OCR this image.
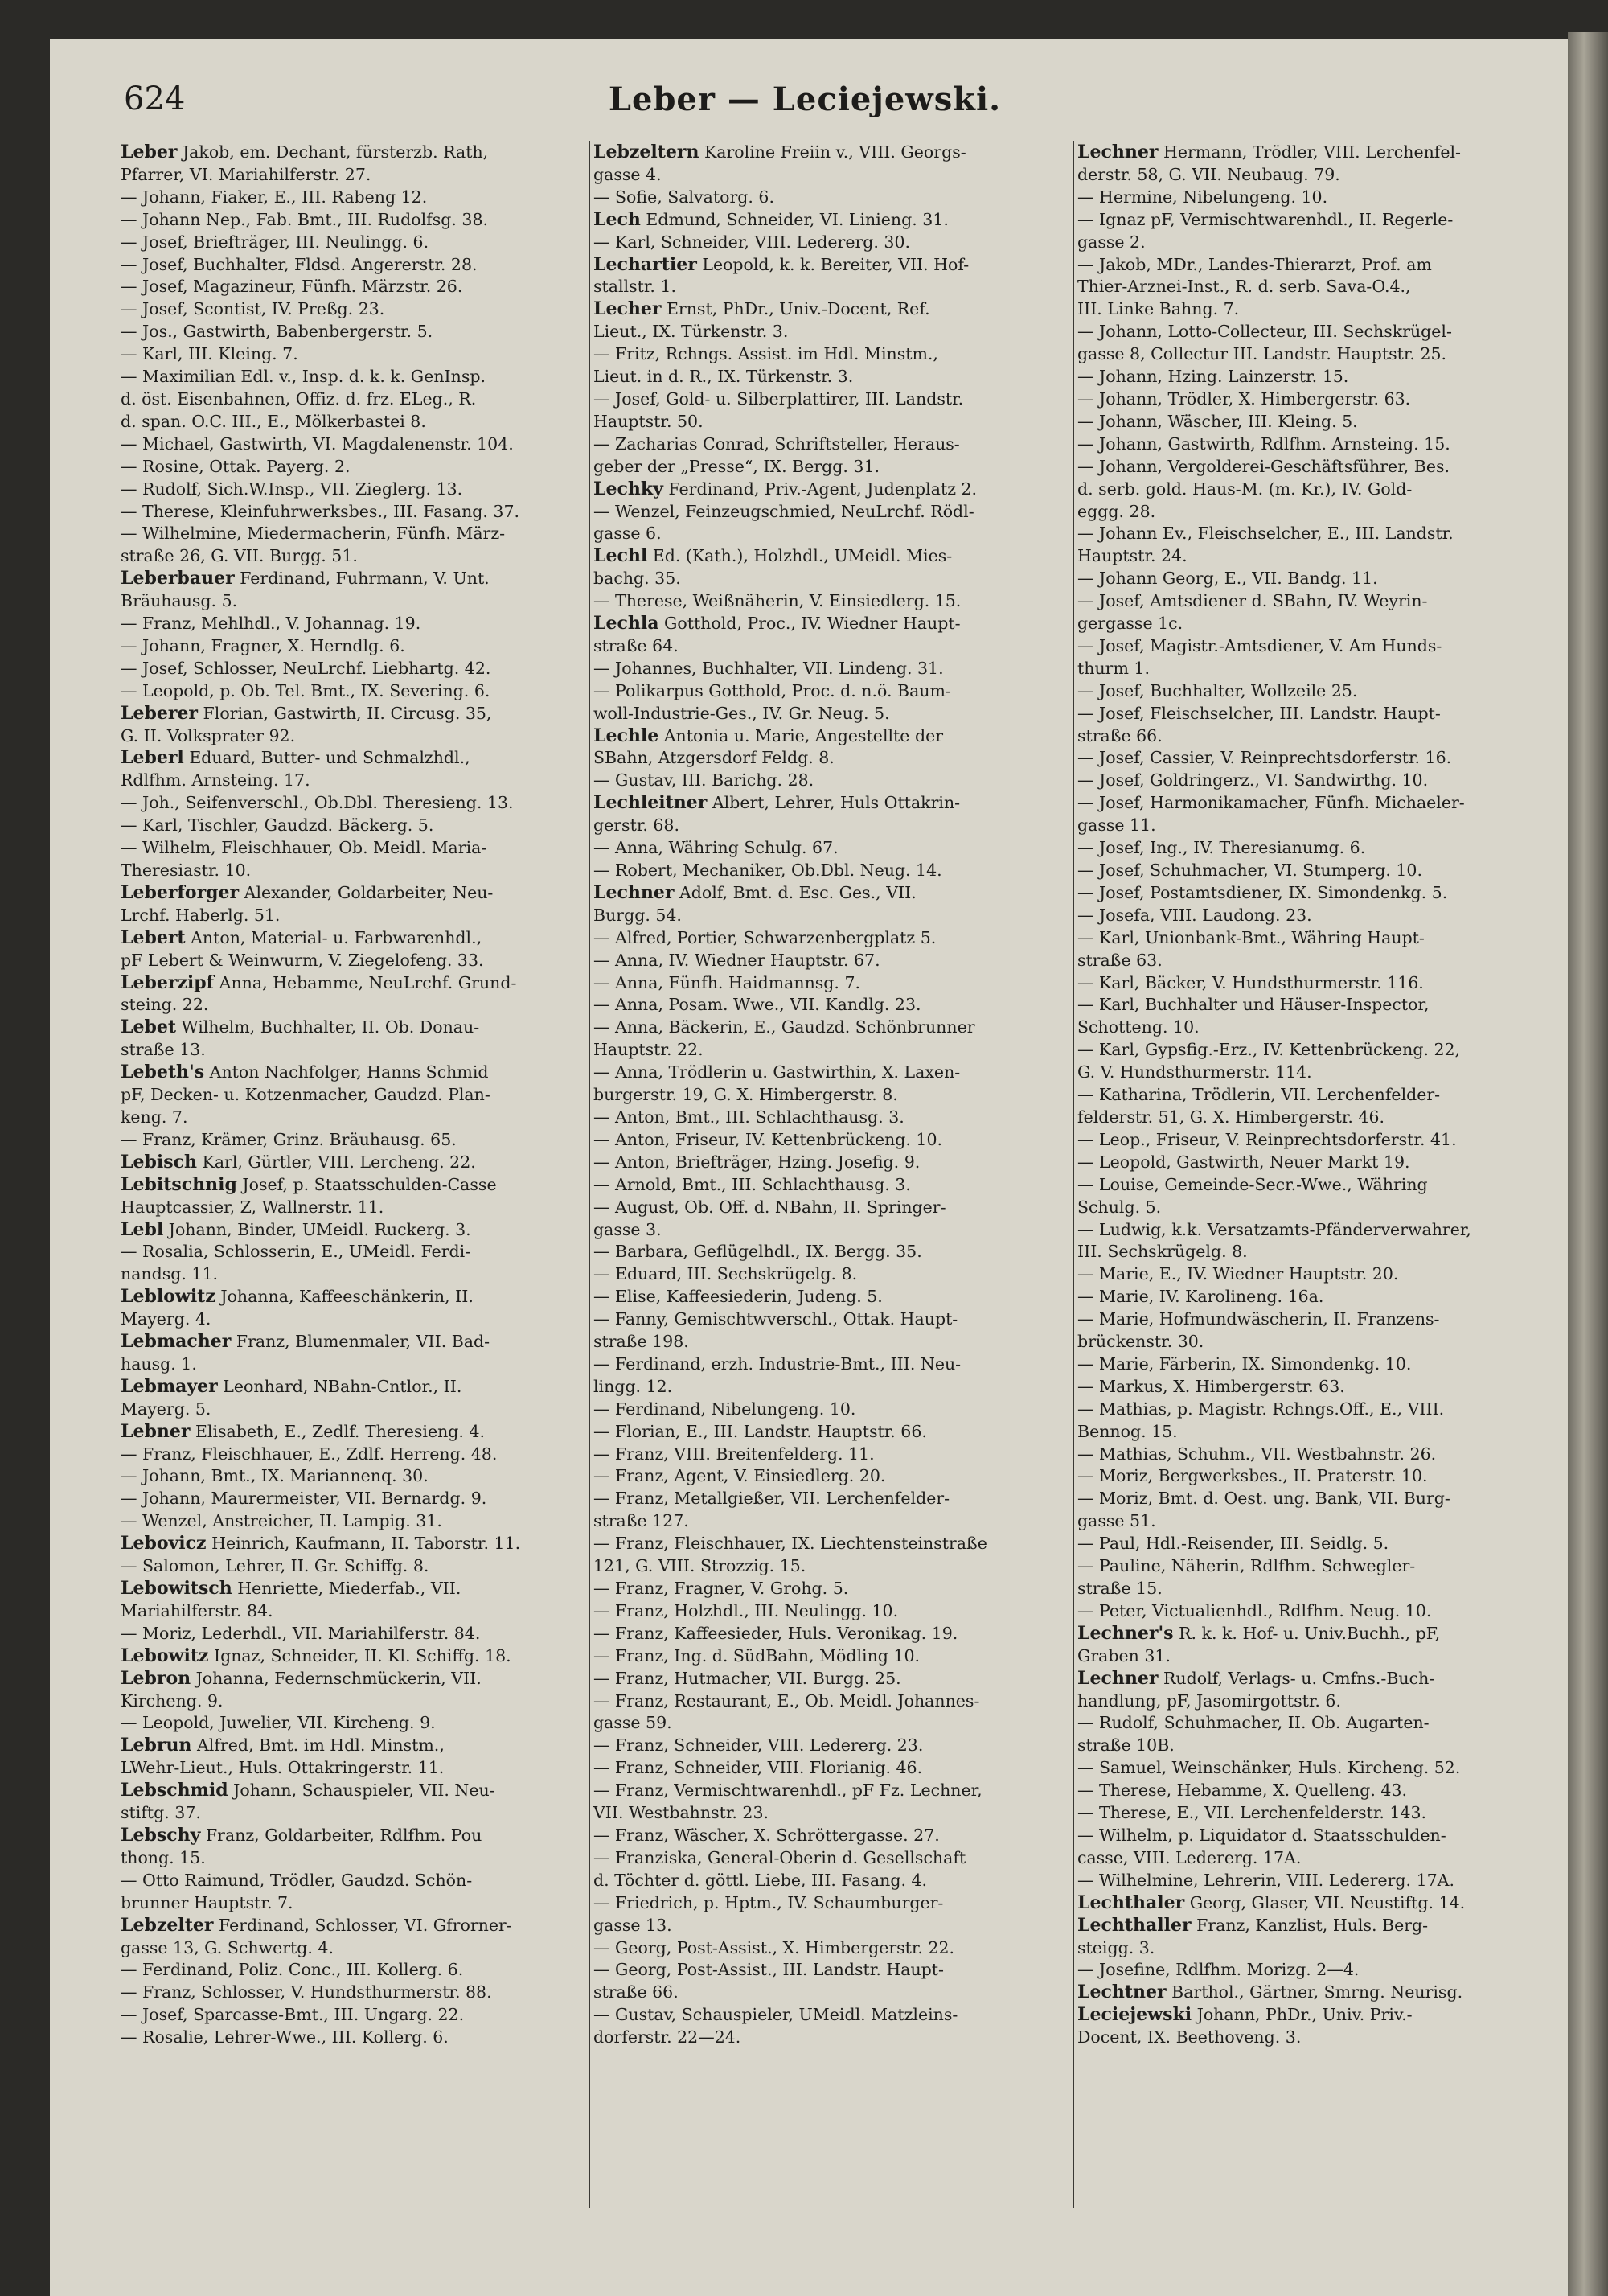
624	Leber — Leciejewski.
Leber Jakob, em. Dechant, fürsterzb. Rath,
Pfarrer, VI. Mariahilferstr. 27.
— Johann, Fiaker, E., III. Rabeng 12.
— Johann Nep., Fab. Bmt., III. Rudolfsg. 38.
— Josef, Briefträger, III. Neulingg. 6.
— Josef, Buchhalter, Fldsd. Angererstr. 28.
— Josef, Magazineur, Fünfh. Märzstr. 26.
— Josef, Scontist, IV. Preßg. 23.
— Jos., Gastwirth, Babenbergerstr. 5.
— Karl, III. Kleing. 7.
— Maximilian Edl. v., Insp. d. k. k. GenInsp.
d. öst. Eisenbahnen, Offiz. d. frz. ELeg., R.
d. span. O.C. III., E., Mölkerbastei 8.
— Michael, Gastwirth, VI. Magdalenenstr. 104.
— Rosine, Ottak. Payerg. 2.
— Rudolf, Sich.W.Insp., VII. Zieglerg. 13.
— Therese, Kleinfuhrwerksbes., III. Fasang. 37.
— Wilhelmine, Miedermacherin, Fünfh. März-
straße 26, G. VII. Burgg. 51.
Leberbauer Ferdinand, Fuhrmann, V. Unt.
Bräuhausg. 5.
— Franz, Mehlhdl., V. Johannag. 19.
— Johann, Fragner, X. Herndlg. 6.
— Josef, Schlosser, NeuLrchf. Liebhartg. 42.
— Leopold, p. Ob. Tel. Bmt., IX. Severing. 6.
Leberer Florian, Gastwirth, II. Circusg. 35,
G. II. Volksprater 92.
Leberl Eduard, Butter- und Schmalzhdl.,
Rdlfhm. Arnsteing. 17.
— Joh., Seifenverschl., Ob.Dbl. Theresieng. 13.
— Karl, Tischler, Gaudzd. Bäckerg. 5.
— Wilhelm, Fleischhauer, Ob. Meidl. Maria-
Theresiastr. 10.
Leberforger Alexander, Goldarbeiter, Neu-
Lrchf. Haberlg. 51.
Lebert Anton, Material- u. Farbwarenhdl.,
pF Lebert & Weinwurm, V. Ziegelofeng. 33.
Leberzipf Anna, Hebamme, NeuLrchf. Grund-
steing. 22.
Lebet Wilhelm, Buchhalter, II. Ob. Donau-
straße 13.
Lebeth's Anton Nachfolger, Hanns Schmid
pF, Decken- u. Kotzenmacher, Gaudzd. Plan-
keng. 7.
— Franz, Krämer, Grinz. Bräuhausg. 65.
Lebisch Karl, Gürtler, VIII. Lercheng. 22.
Lebitschnig Josef, p. Staatsschulden-Casse
Hauptcassier, Z, Wallnerstr. 11.
Lebl Johann, Binder, UMeidl. Ruckerg. 3.
— Rosalia, Schlosserin, E., UMeidl. Ferdi-
nandsg. 11.
Leblowitz Johanna, Kaffeeschänkerin, II.
Mayerg. 4.
Lebmacher Franz, Blumenmaler, VII. Bad-
hausg. 1.
Lebmayer Leonhard, NBahn-Cntlor., II.
Mayerg. 5.
Lebner Elisabeth, E., Zedlf. Theresieng. 4.
— Franz, Fleischhauer, E., Zdlf. Herreng. 48.
— Johann, Bmt., IX. Mariannenq. 30.
— Johann, Maurermeister, VII. Bernardg. 9.
— Wenzel, Anstreicher, II. Lampig. 31.
Lebovicz Heinrich, Kaufmann, II. Taborstr. 11.
— Salomon, Lehrer, II. Gr. Schiffg. 8.
Lebowitsch Henriette, Miederfab., VII.
Mariahilferstr. 84.
— Moriz, Lederhdl., VII. Mariahilferstr. 84.
Lebowitz Ignaz, Schneider, II. Kl. Schiffg. 18.
Lebron Johanna, Federnschmückerin, VII.
Kircheng. 9.
— Leopold, Juwelier, VII. Kircheng. 9.
Lebrun Alfred, Bmt. im Hdl. Minstm.,
LWehr-Lieut., Huls. Ottakringerstr. 11.
Lebschmid Johann, Schauspieler, VII. Neu-
stiftg. 37.
Lebschy Franz, Goldarbeiter, Rdlfhm. Pou
thong. 15.
— Otto Raimund, Trödler, Gaudzd. Schön-
brunner Hauptstr. 7.
Lebzelter Ferdinand, Schlosser, VI. Gfrorner-
gasse 13, G. Schwertg. 4.
— Ferdinand, Poliz. Conc., III. Kollerg. 6.
— Franz, Schlosser, V. Hundsthurmerstr. 88.
— Josef, Sparcasse-Bmt., III. Ungarg. 22.
— Rosalie, Lehrer-Wwe., III. Kollerg. 6.
Lebzeltern Karoline Freiin v., VIII. Georgs-
gasse 4.
— Sofie, Salvatorg. 6.
Lech Edmund, Schneider, VI. Linieng. 31.
— Karl, Schneider, VIII. Ledererg. 30.
Lechartier Leopold, k. k. Bereiter, VII. Hof-
stallstr. 1.
Lecher Ernst, PhDr., Univ.-Docent, Ref.
Lieut., IX. Türkenstr. 3.
— Fritz, Rchngs. Assist. im Hdl. Minstm.,
Lieut. in d. R., IX. Türkenstr. 3.
— Josef, Gold- u. Silberplattirer, III. Landstr.
Hauptstr. 50.
— Zacharias Conrad, Schriftsteller, Heraus-
geber der „Presse“, IX. Bergg. 31.
Lechky Ferdinand, Priv.-Agent, Judenplatz 2.
— Wenzel, Feinzeugschmied, NeuLrchf. Rödl-
gasse 6.
Lechl Ed. (Kath.), Holzhdl., UMeidl. Mies-
bachg. 35.
— Therese, Weißnäherin, V. Einsiedlerg. 15.
Lechla Gotthold, Proc., IV. Wiedner Haupt-
straße 64.
— Johannes, Buchhalter, VII. Lindeng. 31.
— Polikarpus Gotthold, Proc. d. n.ö. Baum-
woll-Industrie-Ges., IV. Gr. Neug. 5.
Lechle Antonia u. Marie, Angestellte der
SBahn, Atzgersdorf Feldg. 8.
— Gustav, III. Barichg. 28.
Lechleitner Albert, Lehrer, Huls Ottakrin-
gerstr. 68.
— Anna, Währing Schulg. 67.
— Robert, Mechaniker, Ob.Dbl. Neug. 14.
Lechner Adolf, Bmt. d. Esc. Ges., VII.
Burgg. 54.
— Alfred, Portier, Schwarzenbergplatz 5.
— Anna, IV. Wiedner Hauptstr. 67.
— Anna, Fünfh. Haidmannsg. 7.
— Anna, Posam. Wwe., VII. Kandlg. 23.
— Anna, Bäckerin, E., Gaudzd. Schönbrunner
Hauptstr. 22.
— Anna, Trödlerin u. Gastwirthin, X. Laxen-
burgerstr. 19, G. X. Himbergerstr. 8.
— Anton, Bmt., III. Schlachthausg. 3.
— Anton, Friseur, IV. Kettenbrückeng. 10.
— Anton, Briefträger, Hzing. Josefig. 9.
— Arnold, Bmt., III. Schlachthausg. 3.
— August, Ob. Off. d. NBahn, II. Springer-
gasse 3.
— Barbara, Geflügelhdl., IX. Bergg. 35.
— Eduard, III. Sechskrügelg. 8.
— Elise, Kaffeesiederin, Judeng. 5.
— Fanny, Gemischtwverschl., Ottak. Haupt-
straße 198.
— Ferdinand, erzh. Industrie-Bmt., III. Neu-
lingg. 12.
— Ferdinand, Nibelungeng. 10.
— Florian, E., III. Landstr. Hauptstr. 66.
— Franz, VIII. Breitenfelderg. 11.
— Franz, Agent, V. Einsiedlerg. 20.
— Franz, Metallgießer, VII. Lerchenfelder-
straße 127.
— Franz, Fleischhauer, IX. Liechtensteinstraße
121, G. VIII. Strozzig. 15.
— Franz, Fragner, V. Grohg. 5.
— Franz, Holzhdl., III. Neulingg. 10.
— Franz, Kaffeesieder, Huls. Veronikag. 19.
— Franz, Ing. d. SüdBahn, Mödling 10.
— Franz, Hutmacher, VII. Burgg. 25.
— Franz, Restaurant, E., Ob. Meidl. Johannes-
gasse 59.
— Franz, Schneider, VIII. Ledererg. 23.
— Franz, Schneider, VIII. Florianig. 46.
— Franz, Vermischtwarenhdl., pF Fz. Lechner,
VII. Westbahnstr. 23.
— Franz, Wäscher, X. Schröttergasse. 27.
— Franziska, General-Oberin d. Gesellschaft
d. Töchter d. göttl. Liebe, III. Fasang. 4.
— Friedrich, p. Hptm., IV. Schaumburger-
gasse 13.
— Georg, Post-Assist., X. Himbergerstr. 22.
— Georg, Post-Assist., III. Landstr. Haupt-
straße 66.
— Gustav, Schauspieler, UMeidl. Matzleins-
dorferstr. 22—24.
Lechner Hermann, Trödler, VIII. Lerchenfel-
derstr. 58, G. VII. Neubaug. 79.
— Hermine, Nibelungeng. 10.
— Ignaz pF, Vermischtwarenhdl., II. Regerle-
gasse 2.
— Jakob, MDr., Landes-Thierarzt, Prof. am
Thier-Arznei-Inst., R. d. serb. Sava-O.4.,
III. Linke Bahng. 7.
— Johann, Lotto-Collecteur, III. Sechskrügel-
gasse 8, Collectur III. Landstr. Hauptstr. 25.
— Johann, Hzing. Lainzerstr. 15.
— Johann, Trödler, X. Himbergerstr. 63.
— Johann, Wäscher, III. Kleing. 5.
— Johann, Gastwirth, Rdlfhm. Arnsteing. 15.
— Johann, Vergolderei-Geschäftsführer, Bes.
d. serb. gold. Haus-M. (m. Kr.), IV. Gold-
eggg. 28.
— Johann Ev., Fleischselcher, E., III. Landstr.
Hauptstr. 24.
— Johann Georg, E., VII. Bandg. 11.
— Josef, Amtsdiener d. SBahn, IV. Weyrin-
gergasse 1c.
— Josef, Magistr.-Amtsdiener, V. Am Hunds-
thurm 1.
— Josef, Buchhalter, Wollzeile 25.
— Josef, Fleischselcher, III. Landstr. Haupt-
straße 66.
— Josef, Cassier, V. Reinprechtsdorferstr. 16.
— Josef, Goldringerz., VI. Sandwirthg. 10.
— Josef, Harmonikamacher, Fünfh. Michaeler-
gasse 11.
— Josef, Ing., IV. Theresianumg. 6.
— Josef, Schuhmacher, VI. Stumperg. 10.
— Josef, Postamtsdiener, IX. Simondenkg. 5.
— Josefa, VIII. Laudong. 23.
— Karl, Unionbank-Bmt., Währing Haupt-
straße 63.
— Karl, Bäcker, V. Hundsthurmerstr. 116.
— Karl, Buchhalter und Häuser-Inspector,
Schotteng. 10.
— Karl, Gypsfig.-Erz., IV. Kettenbrückeng. 22,
G. V. Hundsthurmerstr. 114.
— Katharina, Trödlerin, VII. Lerchenfelder-
felderstr. 51, G. X. Himbergerstr. 46.
— Leop., Friseur, V. Reinprechtsdorferstr. 41.
— Leopold, Gastwirth, Neuer Markt 19.
— Louise, Gemeinde-Secr.-Wwe., Währing
Schulg. 5.
— Ludwig, k.k. Versatzamts-Pfänderverwahrer,
III. Sechskrügelg. 8.
— Marie, E., IV. Wiedner Hauptstr. 20.
— Marie, IV. Karolineng. 16a.
— Marie, Hofmundwäscherin, II. Franzens-
brückenstr. 30.
— Marie, Färberin, IX. Simondenkg. 10.
— Markus, X. Himbergerstr. 63.
— Mathias, p. Magistr. Rchngs.Off., E., VIII.
Bennog. 15.
— Mathias, Schuhm., VII. Westbahnstr. 26.
— Moriz, Bergwerksbes., II. Praterstr. 10.
— Moriz, Bmt. d. Oest. ung. Bank, VII. Burg-
gasse 51.
— Paul, Hdl.-Reisender, III. Seidlg. 5.
— Pauline, Näherin, Rdlfhm. Schwegler-
straße 15.
— Peter, Victualienhdl., Rdlfhm. Neug. 10.
Lechner's R. k. k. Hof- u. Univ.Buchh., pF,
Graben 31.
Lechner Rudolf, Verlags- u. Cmfns.-Buch-
handlung, pF, Jasomirgottstr. 6.
— Rudolf, Schuhmacher, II. Ob. Augarten-
straße 10B.
— Samuel, Weinschänker, Huls. Kircheng. 52.
— Therese, Hebamme, X. Quelleng. 43.
— Therese, E., VII. Lerchenfelderstr. 143.
— Wilhelm, p. Liquidator d. Staatsschulden-
casse, VIII. Ledererg. 17A.
— Wilhelmine, Lehrerin, VIII. Ledererg. 17A.
Lechthaler Georg, Glaser, VII. Neustiftg. 14.
Lechthaller Franz, Kanzlist, Huls. Berg-
steigg. 3.
— Josefine, Rdlfhm. Morizg. 2—4.
Lechtner Barthol., Gärtner, Smrng. Neurisg.
Leciejewski Johann, PhDr., Univ. Priv.-
Docent, IX. Beethoveng. 3.
